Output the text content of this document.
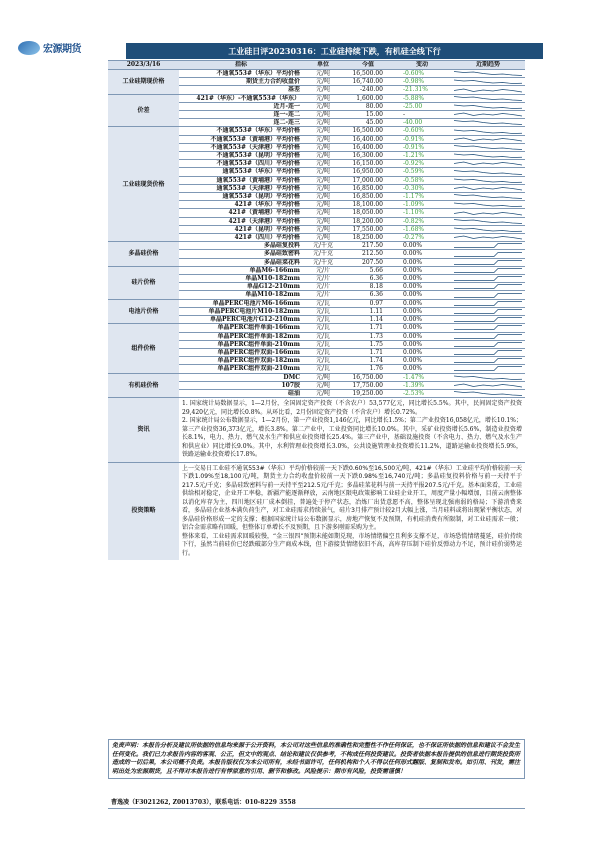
宏源期货	工业硅日评20230316：工业硅持续下跌，有机硅全线下行
2023/3/16	指标	单位	今值	变动	近期趋势
工业硅期现价格	不通氧553#（华东）平均价格	元/吨	16,500.00	-0.60%	

	期货主力合约收盘价	元/吨	16,740.00	-0.98%	

	基差	元/吨	-240.00	-21.31%	

价差	421#（华东）-不通氧553#（华东）	元/吨	1,600.00	-5.88%	

	近月-连一	元/吨	80.00	-25.00	

	连一-连二	元/吨	15.00	-	

	连二-连三	元/吨	45.00	-40.00	

工业硅现货价格	不通氧553#（华东）平均价格	元/吨	16,500.00	-0.60%	

	不通氧553#（黄埔港）平均价格	元/吨	16,400.00	-0.91%	

	不通氧553#（天津港）平均价格	元/吨	16,400.00	-0.91%	

	不通氧553#（昆明）平均价格	元/吨	16,300.00	-1.21%	

	不通氧553#（四川）平均价格	元/吨	16,150.00	-0.92%	

	通氧553#（华东）平均价格	元/吨	16,950.00	-0.59%	

	通氧553#（黄埔港）平均价格	元/吨	17,000.00	-0.58%	

	通氧553#（天津港）平均价格	元/吨	16,850.00	-0.30%	

	通氧553#（昆明）平均价格	元/吨	16,850.00	-1.17%	

	421#（华东）平均价格	元/吨	18,100.00	-1.09%	

	421#（黄埔港）平均价格	元/吨	18,050.00	-1.10%	

	421#（天津港）平均价格	元/吨	18,200.00	-0.82%	

	421#（昆明）平均价格	元/吨	17,550.00	-1.68%	

	421#（四川）平均价格	元/吨	18,250.00	-0.27%	

多晶硅价格	多晶硅复投料	元/千克	217.50	0.00%	

	多晶硅致密料	元/千克	212.50	0.00%	

	多晶硅菜花料	元/千克	207.50	0.00%	

硅片价格	单晶M6-166mm	元/片	5.66	0.00%	

	单晶M10-182mm	元/片	6.36	0.00%	

	单晶G12-210mm	元/片	8.18	0.00%	

	单晶M10-182mm	元/片	6.36	0.00%	

电池片价格	单晶PERC电池片M6-166mm	元/瓦	0.97	0.00%	

	单晶PERC电池片M10-182mm	元/瓦	1.11	0.00%	

	单晶PERC电池片G12-210mm	元/瓦	1.14	0.00%	

组件价格	单晶PERC组件单面-166mm	元/瓦	1.71	0.00%	

	单晶PERC组件单面-182mm	元/瓦	1.73	0.00%	

	单晶PERC组件单面-210mm	元/瓦	1.75	0.00%	

	单晶PERC组件双面-166mm	元/瓦	1.71	0.00%	

	单晶PERC组件双面-182mm	元/瓦	1.74	0.00%	

	单晶PERC组件双面-210mm	元/瓦	1.76	0.00%	

有机硅价格	DMC	元/吨	16,750.00	-1.47%	

	107胶	元/吨	17,750.00	-1.39%	

	硅油	元/吨	19,250.00	-2.53%	

资讯	1. 国家统计局数据显示，1—2月份，全国固定资产投资（不含农户）53,577亿元，同比增长5.5%。其中，民间固定资产投资29,420亿元，同比增长0.8%。从环比看，2月份固定资产投资（不含农户）增长0.72%。

2. 国家统计局公布数据显示，1—2月份，第一产业投资1,146亿元，同比增长1.5%；第二产业投资16,058亿元，增长10.1%；第三产业投资36,373亿元，增长3.8%。第二产业中，工业投资同比增长10.0%。其中，采矿业投资增长5.6%，制造业投资增长8.1%，电力、热力、燃气及水生产和供应业投资增长25.4%。第三产业中，基础设施投资（不含电力、热力、燃气及水生产和供应业）同比增长9.0%。其中，水利管理业投资增长3.0%，公共设施管理业投资增长11.2%，道路运输业投资增长5.9%，铁路运输业投资增长17.8%。				

投资策略	上一交易日工业硅不通氧553#（华东）平均价格较前一天下跌0.60%至16,500元/吨，421#（华东）工业硅平均价格较前一天下跌1.09%至18,100元/吨，期货主力合约收盘价较前一天下跌0.98%至16,740元/吨；多晶硅复投料价格与前一天持平于217.5元/千克；多晶硅致密料与前一天持平至212.5元/千克；多晶硅菜花料与前一天持平报207.5元/千克。基本面来看，工业硅供给相对稳定，企业开工率稳，新疆产能逐渐释放，云南地区限电政策影响工业硅企业开工，周度产量小幅增加，目前云南整体以消化库存为主，四川地区硅厂成本倒挂，普遍处于停产状态，冶炼厂出货意愿不高，整体呈现北强南弱的格局；下游消费来看，多晶硅企业基本满负荷生产，对工业硅需求持续景气，硅片3月排产预计较2月大幅上涨，当月硅料或将出现紧平衡状态，对多晶硅价格形成一定的支撑；根据国家统计局公布数据显示，房地产恢复不及预期，有机硅消费有所限制，对工业硅需求一般；铝合金需求略有回暖，但整体订单增长不及预期，且下游多刚需采购为主。

整体来看，工业硅需求回暖较慢，“金三银四”预期未能如期兑现，市场情绪偏空且利多支撑不足，市场恐慌情绪蔓延，硅价持续下行，虽然当前硅价已经跌破部分生产商成本线，但下游接货情绪依旧不高，高库存压制下硅价反弹动力不足，预计硅价弱势运行。				

免责声明：本报告分析及建议所依据的信息均来源于公开资料，本公司对这些信息的准确性和完整性不作任何保证，也不保证所依据的信息和建议不会发生任何变化。我们已力求报告内容的客观、公正，但文中的观点、结论和建议仅供参考，不构成任何投资建议。投资者依据本报告提供的信息进行期货投资所造成的一切后果，本公司概不负责。本报告版权仅为本公司所有，未经书面许可，任何机构和个人不得以任何形式翻版、复制和发布。如引用、刊发，需注明出处为宏源期货，且不得对本报告进行有悖原意的引用、删节和修改。风险提示：期市有风险，投资需谨慎！
曹逸凌（F3021262, Z0013703），联系电话：010-8229 3558
